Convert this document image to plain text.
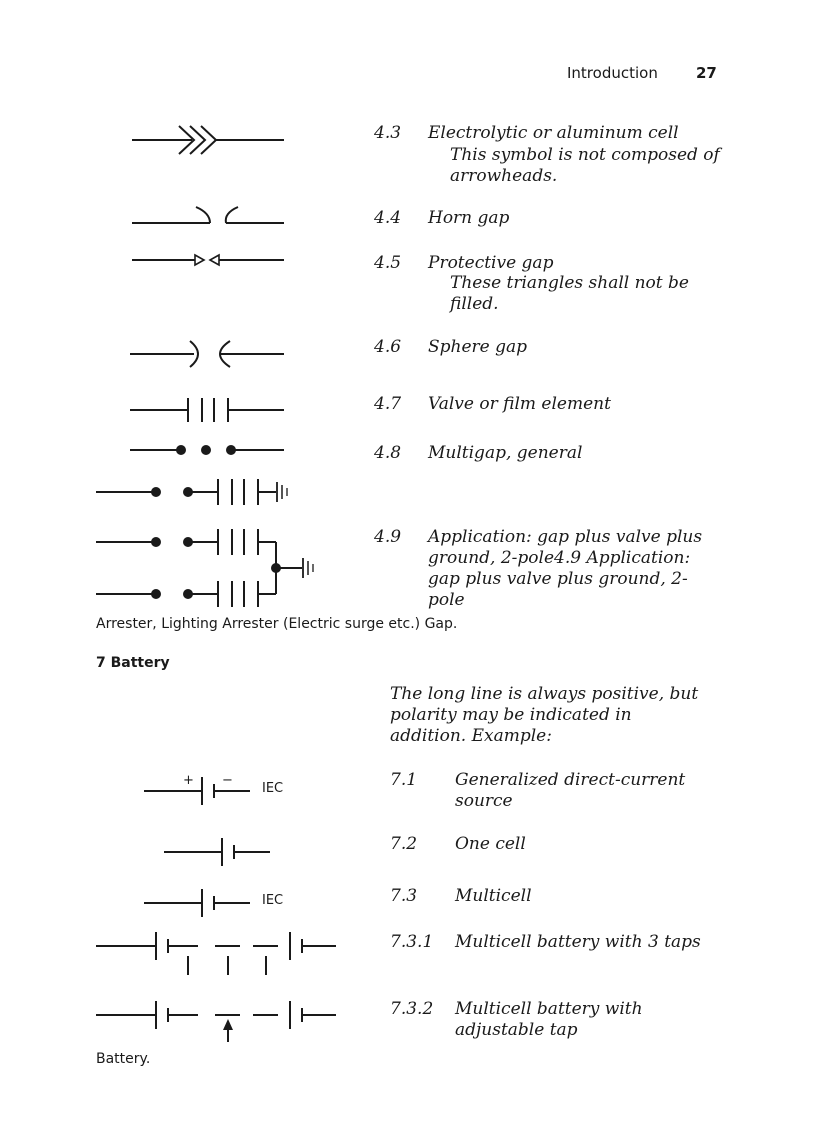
Introduction	27
+ −
IEC
IEC
4.3 Electrolytic or aluminum cell
This symbol is not composed of arrowheads.
4.4 Horn gap
4.5 Protective gap
These triangles shall not be filled.
4.6 Sphere gap
4.7 Valve or film element
4.8 Multigap, general
4.9 Application: gap plus valve plus ground, 2-pole4.9 Application: gap plus valve plus ground, 2-pole
Arrester, Lighting Arrester (Electric surge etc.) Gap.
7 Battery
The long line is always positive, but polarity may be indicated in addition. Example:
7.1 Generalized direct-current source
7.2 One cell
7.3 Multicell
7.3.1 Multicell battery with 3 taps
7.3.2 Multicell battery with adjustable tap
Battery.
